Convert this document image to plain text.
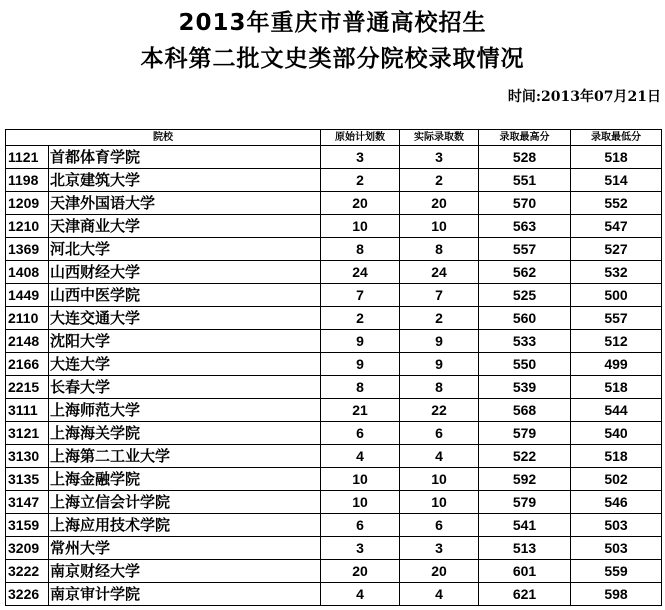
2013年重庆市普通高校招生
本科第二批文史类部分院校录取情况
时间:2013年07月21日
院校		原始计划数	实际录取数	录取最高分	录取最低分
1121	首都体育学院	3	3	528	518
1198	北京建筑大学	2	2	551	514
1209	天津外国语大学	20	20	570	552
1210	天津商业大学	10	10	563	547
1369	河北大学	8	8	557	527
1408	山西财经大学	24	24	562	532
1449	山西中医学院	7	7	525	500
2110	大连交通大学	2	2	560	557
2148	沈阳大学	9	9	533	512
2166	大连大学	9	9	550	499
2215	长春大学	8	8	539	518
3111	上海师范大学	21	22	568	544
3121	上海海关学院	6	6	579	540
3130	上海第二工业大学	4	4	522	518
3135	上海金融学院	10	10	592	502
3147	上海立信会计学院	10	10	579	546
3159	上海应用技术学院	6	6	541	503
3209	常州大学	3	3	513	503
3222	南京财经大学	20	20	601	559
3226	南京审计学院	4	4	621	598
